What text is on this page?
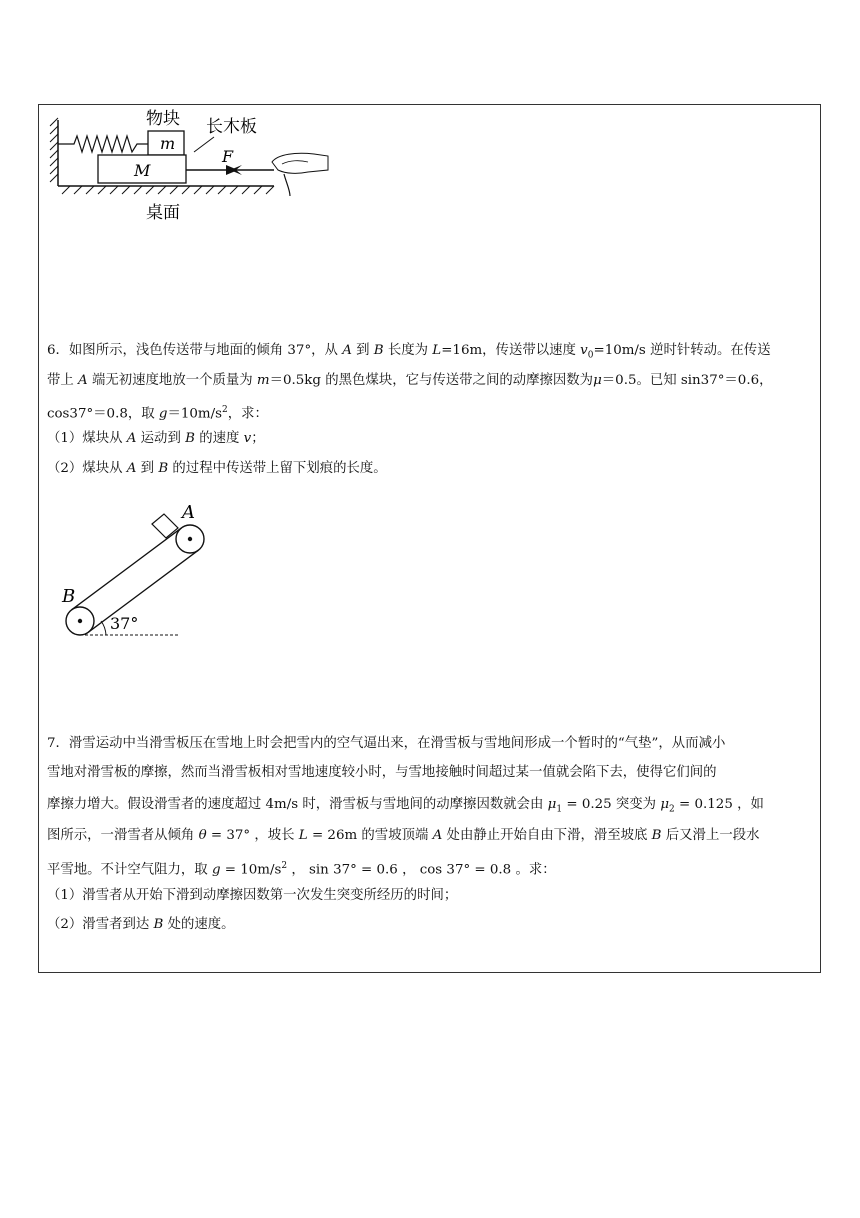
m
物块
M
长木板
F
桌面
6．如图所示，浅色传送带与地面的倾角 37°，从 A 到 B 长度为 L=16m，传送带以速度 $v_0=10m/s$ 逆时针转动。在传送
带上 A 端无初速度地放一个质量为 m＝0.5kg 的黑色煤块，它与传送带之间的动摩擦因数为μ＝0.5。已知 sin37°＝0.6，
cos37°＝0.8，取 $g=10m/s^2$，求：
（1）煤块从 A 运动到 B 的速度 v；
（2）煤块从 A 到 B 的过程中传送带上留下划痕的长度。
A
B
37°
7．滑雪运动中当滑雪板压在雪地上时会把雪内的空气逼出来，在滑雪板与雪地间形成一个暂时的“气垫”，从而减小
雪地对滑雪板的摩擦，然而当滑雪板相对雪地速度较小时，与雪地接触时间超过某一值就会陷下去，使得它们间的
摩擦力增大。假设滑雪者的速度超过 4m/s 时，滑雪板与雪地间的动摩擦因数就会由 $\mu_1 = 0.25$ 突变为 $\mu_2 = 0.125$ ，如
图所示，一滑雪者从倾角 θ = 37° ，坡长 L = 26m 的雪坡顶端 A 处由静止开始自由下滑，滑至坡底 B 后又滑上一段水
平雪地。不计空气阻力，取 $g = 10m/s^2$ ， sin 37° = 0.6 ， cos 37° = 0.8 。求：
（1）滑雪者从开始下滑到动摩擦因数第一次发生突变所经历的时间；
（2）滑雪者到达 B 处的速度。
